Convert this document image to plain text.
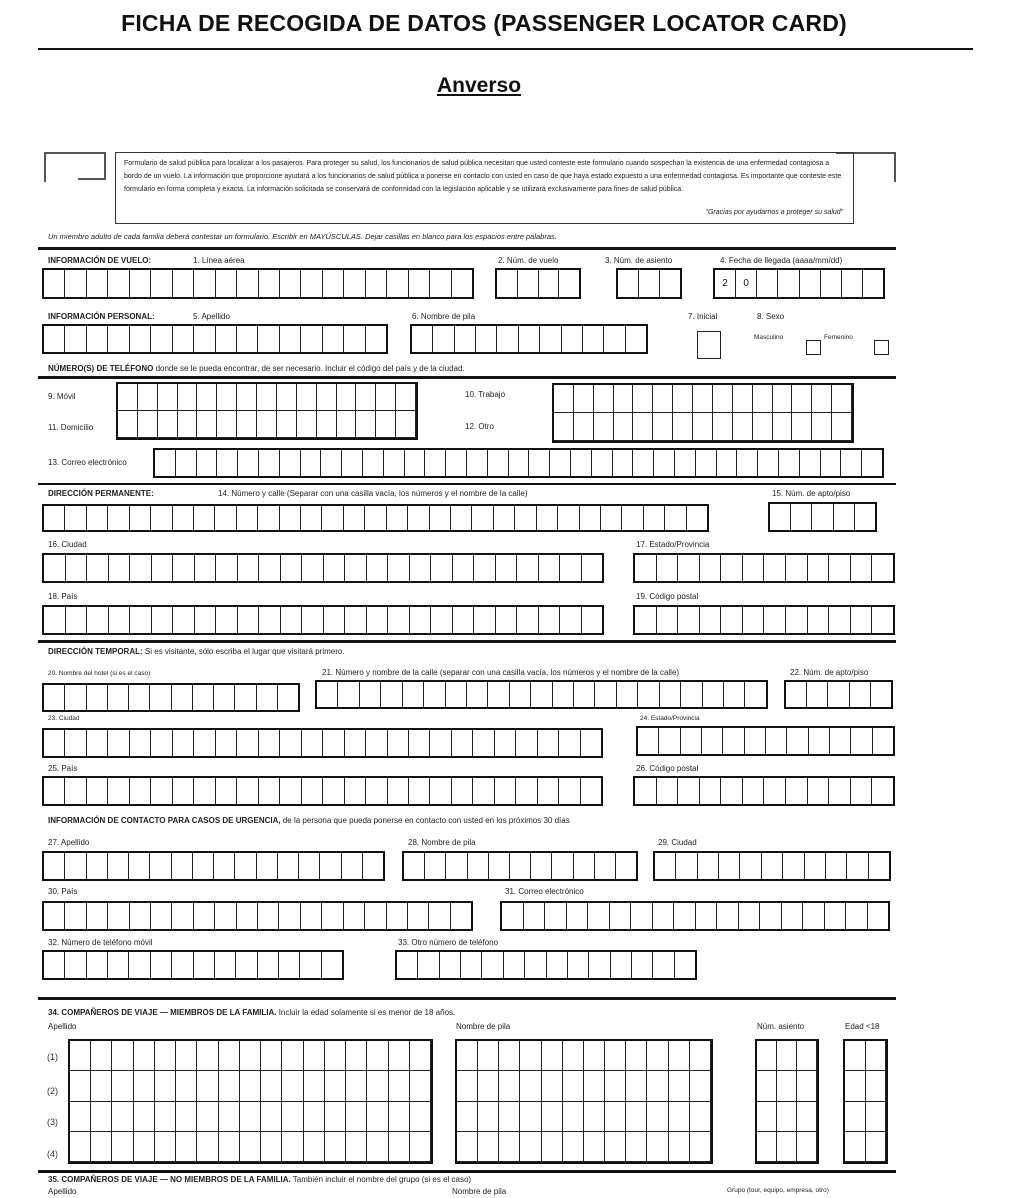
FICHA DE RECOGIDA DE DATOS (PASSENGER LOCATOR CARD)
Anverso
Formulario de salud pública para localizar a los pasajeros. Para proteger su salud, los funcionarios de salud pública necesitan que usted conteste este formulario cuando sospechan la existencia de una enfermedad contagiosa a bordo de un vuelo. La información que proporcione ayudará a los funcionarios de salud pública a ponerse en contacto con usted en caso de que haya estado expuesto a una enfermedad contagiosa. Es importante que conteste este formulario en forma completa y exacta. La información solicitada se conservará de conformidad con la legislación aplicable y se utilizará exclusivamente para fines de salud pública.
“Gracias por ayudarnos a proteger su salud”
Un miembro adulto de cada familia deberá contestar un formulario. Escribir en MAYÚSCULAS. Dejar casillas en blanco para los espacios entre palabras.
INFORMACIÓN DE VUELO:	1. Línea aérea	2. Núm. de vuelo	3. Núm. de asiento	4. Fecha de llegada (aaaa/mm/dd)
2	0
INFORMACIÓN PERSONAL:	5. Apellido	6. Nombre de pila	7. Inicial	8. Sexo
Masculino	Femenino
NÚMERO(S) DE TELÉFONO donde se le pueda encontrar, de ser necesario. Incluir el código del país y de la ciudad.
9. Móvil
11. Domicilio
10. Trabajo
12. Otro
13. Correo electrónico
DIRECCIÓN PERMANENTE:	14. Número y calle (Separar con una casilla vacía, los números y el nombre de la calle)	15. Núm. de apto/piso
16. Ciudad	17. Estado/Provincia
18. País	19. Código postal
DIRECCIÓN TEMPORAL: Si es visitante, sólo escriba el lugar que visitará primero.
20. Nombre del hotel (si es el caso)	21. Número y nombre de la calle (separar con una casilla vacía, los números y el nombre de la calle)	22. Núm. de apto/piso
23. Ciudad	24. Estado/Provincia
25. País	26. Código postal
INFORMACIÓN DE CONTACTO PARA CASOS DE URGENCIA, de la persona que pueda ponerse en contacto con usted en los próximos 30 días
27. Apellido	28. Nombre de pila	29. Ciudad
30. País	31. Correo electrónico
32. Número de teléfono móvil	33. Otro número de teléfono
34. COMPAÑEROS DE VIAJE — MIEMBROS DE LA FAMILIA. Incluir la edad solamente si es menor de 18 años.
Apellido	Nombre de pila	Núm. asiento	Edad <18
(1)
(2)
(3)
(4)
35. COMPAÑEROS DE VIAJE — NO MIEMBROS DE LA FAMILIA. También incluir el nombre del grupo (si es el caso)
Apellido	Nombre de pila	Grupo (tour, equipo, empresa, otro)
